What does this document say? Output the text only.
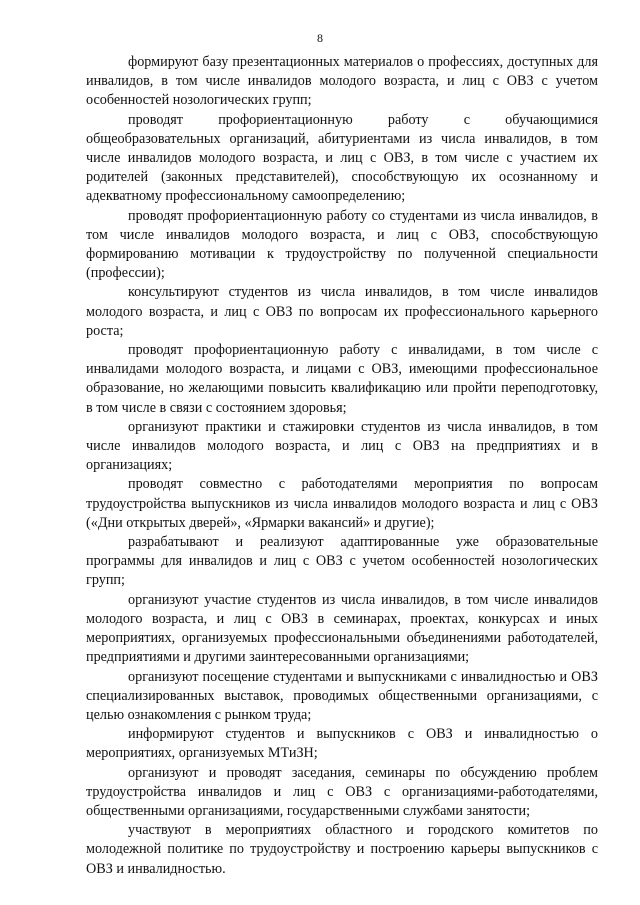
8

формируют базу презентационных материалов о профессиях, доступных для инвалидов, в том числе инвалидов молодого возраста, и лиц с ОВЗ с учетом особенностей нозологических групп;

проводят профориентационную работу с обучающимися общеобразовательных организаций, абитуриентами из числа инвалидов, в том числе инвалидов молодого возраста, и лиц с ОВЗ, в том числе с участием их родителей (законных представителей), способствующую их осознанному и адекватному профессиональному самоопределению;

проводят профориентационную работу со студентами из числа инвалидов, в том числе инвалидов молодого возраста, и лиц с ОВЗ, способствующую формированию мотивации к трудоустройству по полученной специальности (профессии);

консультируют студентов из числа инвалидов, в том числе инвалидов молодого возраста, и лиц с ОВЗ по вопросам их профессионального карьерного роста;

проводят профориентационную работу с инвалидами, в том числе с инвалидами молодого возраста, и лицами с ОВЗ, имеющими профессиональное образование, но желающими повысить квалификацию или пройти переподготовку, в том числе в связи с состоянием здоровья;

организуют практики и стажировки студентов из числа инвалидов, в том числе инвалидов молодого возраста, и лиц с ОВЗ на предприятиях и в организациях;

проводят совместно с работодателями мероприятия по вопросам трудоустройства выпускников из числа инвалидов молодого возраста и лиц с ОВЗ («Дни открытых дверей», «Ярмарки вакансий» и другие);

разрабатывают и реализуют адаптированные уже образовательные программы для инвалидов и лиц с ОВЗ с учетом особенностей нозологических групп;

организуют участие студентов из числа инвалидов, в том числе инвалидов молодого возраста, и лиц с ОВЗ в семинарах, проектах, конкурсах и иных мероприятиях, организуемых профессиональными объединениями работодателей, предприятиями и другими заинтересованными организациями;

организуют посещение студентами и выпускниками с инвалидностью и ОВЗ специализированных выставок, проводимых общественными организациями, с целью ознакомления с рынком труда;

информируют студентов и выпускников с ОВЗ и инвалидностью о мероприятиях, организуемых МТиЗН;

организуют и проводят заседания, семинары по обсуждению проблем трудоустройства инвалидов и лиц с ОВЗ с организациями-работодателями, общественными организациями, государственными службами занятости;

участвуют в мероприятиях областного и городского комитетов по молодежной политике по трудоустройству и построению карьеры выпускников с ОВЗ и инвалидностью.
